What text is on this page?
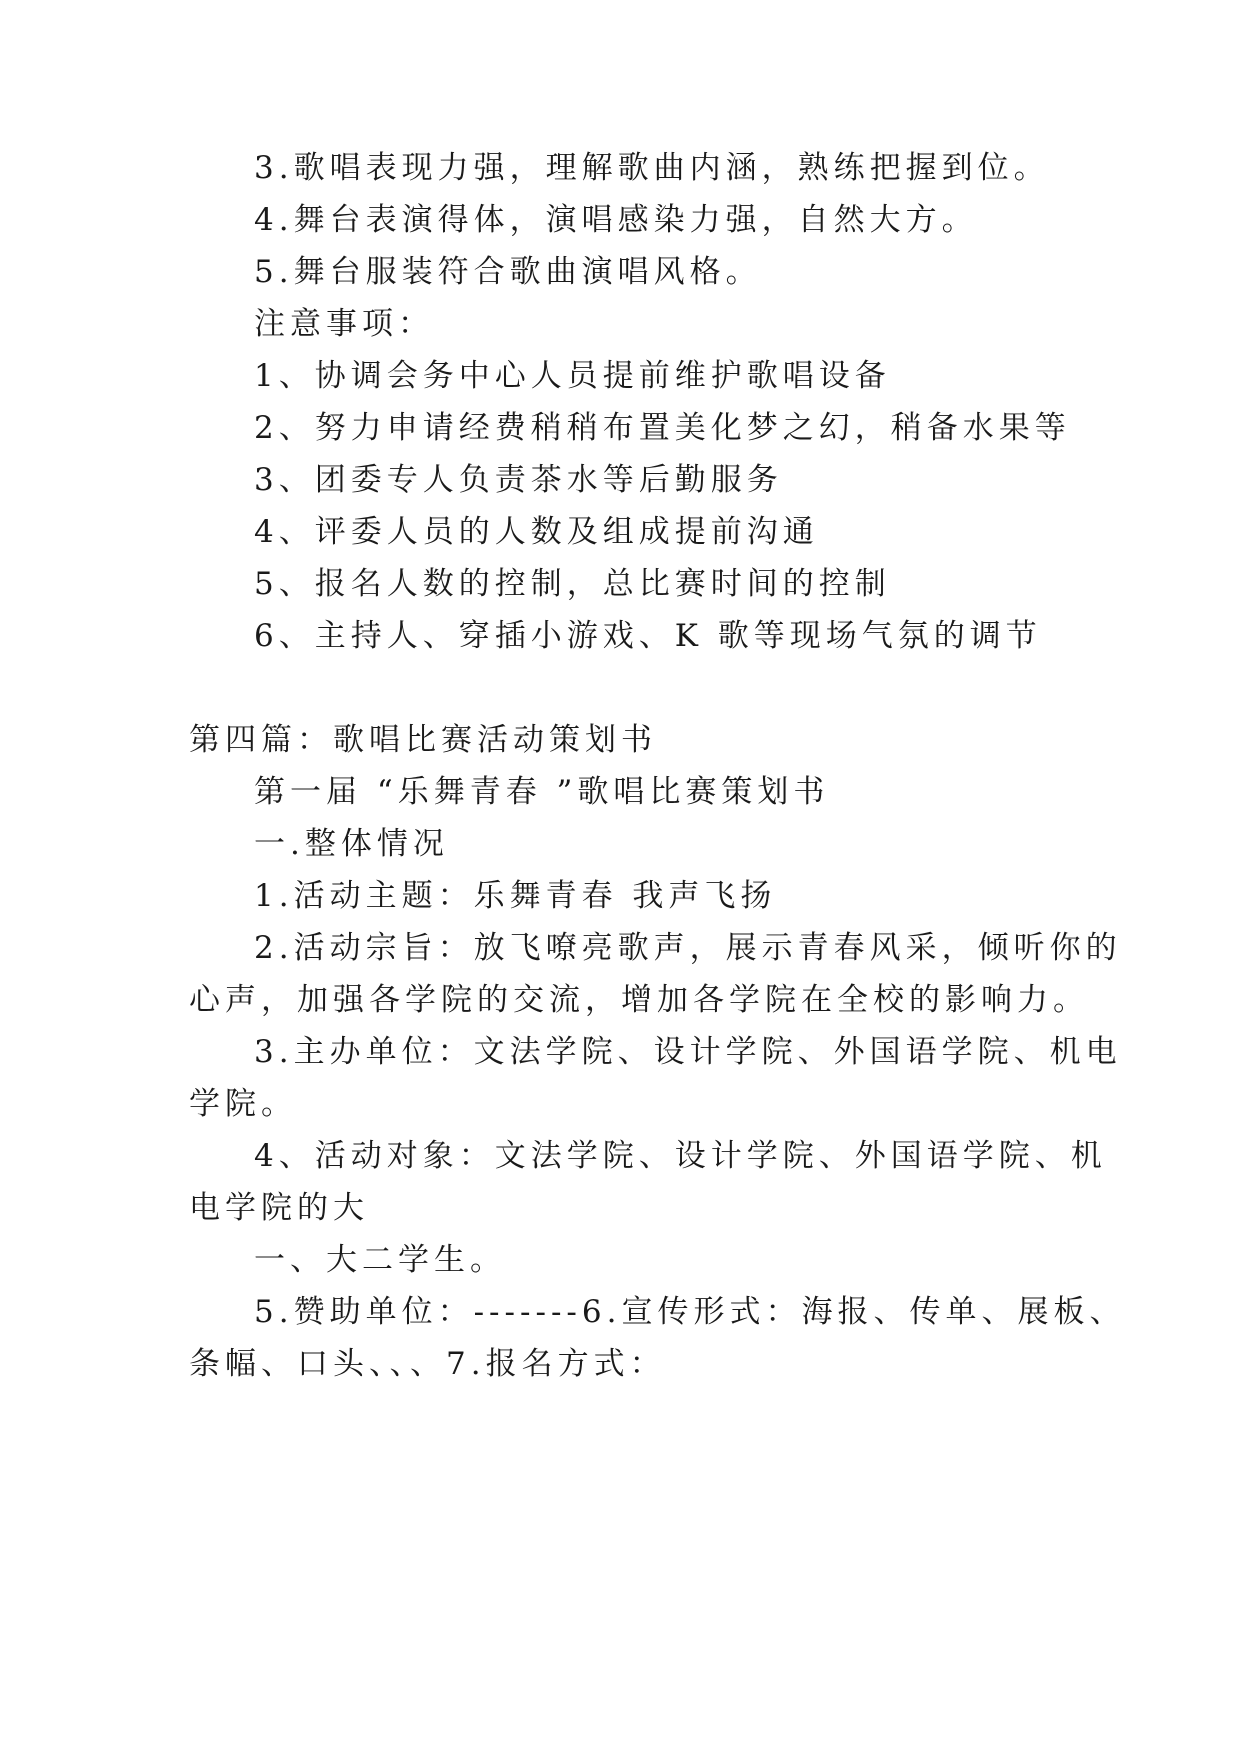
3.歌唱表现力强，理解歌曲内涵，熟练把握到位。
4.舞台表演得体，演唱感染力强，自然大方。
5.舞台服装符合歌曲演唱风格。
注意事项：
1、协调会务中心人员提前维护歌唱设备
2、努力申请经费稍稍布置美化梦之幻，稍备水果等
3、团委专人负责茶水等后勤服务
4、评委人员的人数及组成提前沟通
5、报名人数的控制，总比赛时间的控制
6、主持人、穿插小游戏、K 歌等现场气氛的调节
第四篇：歌唱比赛活动策划书
第一届 “乐舞青春 ”歌唱比赛策划书
一.整体情况
1.活动主题：乐舞青春 我声飞扬
2.活动宗旨：放飞嘹亮歌声，展示青春风采，倾听你的
心声，加强各学院的交流，增加各学院在全校的影响力。
3.主办单位：文法学院、设计学院、外国语学院、机电
学院。
4、活动对象：文法学院、设计学院、外国语学院、机
电学院的大
一、大二学生。
5.赞助单位：-------6.宣传形式：海报、传单、展板、
条幅、口头、、、7.报名方式：
